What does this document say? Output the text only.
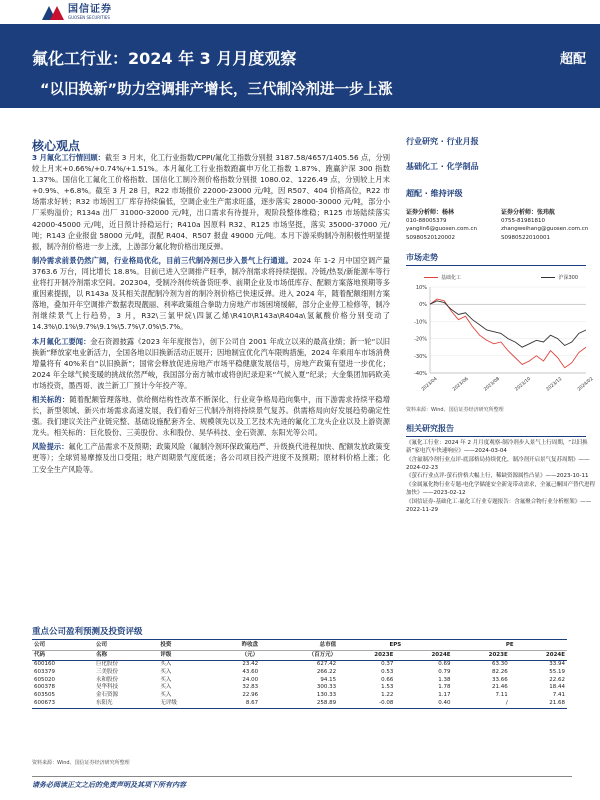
国信证券
GUOSEN SECURITIES
氟化工行业：2024 年 3 月月度观察
“以旧换新”助力空调排产增长，三代制冷剂进一步上涨
超配
核心观点

3 月氟化工行情回顾：截至 3 月末，化工行业指数/CPPI/氟化工指数分别报 3187.58/4657/1405.56 点，分别较上月末+0.66%/+0.74%/+1.51%。本月氟化工行业指数跑赢申万化工指数 1.87%、跑赢沪深 300 指数 1.37%。国信化工氟化工价格指数、国信化工制冷剂价格指数分别报 1080.02、1226.49 点，分别较上月末+0.9%、+6.8%。截至 3 月 28 日，R22 市场报价 22000-23000 元/吨，因 R507、404 价格高位，R22 市场需求好转；R32 市场因工厂库存持续偏低，空调企业生产需求旺盛，逐步落实 28000-30000 元/吨，部分小厂采购溢价；R134a 出厂 31000-32000 元/吨，出口需求有待提升，观阶段整体维稳；R125 市场陆续落实 42000-45000 元/吨，近日预计持稳运行；R410a 因原料 R32、R125 市场坚挺，落实 35000-37000 元/吨；R143 企业报盘 58000 元/吨，混配 R404、R507 报盘 49000 元/吨。本月下游采购制冷剂积极性明显提振，制冷剂价格进一步上涨，上游部分氟化物价格出现反弹。

制冷需求前景仍然广阔，行业格局优化，目前三代制冷剂已步入景气上行通道。2024 年 1-2 月中国空调产量 3763.6 万台，同比增长 18.8%。目前已进入空调排产旺季，制冷剂需求将持续提振。冷链/热泵/新能源车等行业将打开制冷剂需求空间。202304，受制冷剂传统备货旺季、前期企业及市场低库存、配额方案落地预期等多重因素提振，以 R143a 及其相关混配制冷剂为首的制冷剂价格已快速反弹。进入 2024 年，随着配额细则方案落地，叠加开年空调排产数据表现靓丽、利率政策组合拳助力房地产市场困境缓解，部分企业停工检修等，制冷剂继续景气上行趋势，3 月，R32\三氯甲烷\四氯乙烯\R410\R143a\R404a\氢氟酸价格分别变动了 14.3%\0.1%\9.7%\9.1%\5.7%\7.0%\5.7%。

本月氟化工要闻：金石资源披露《2023 年年度报告》，创下公司自 2001 年成立以来的最高业绩；新一轮“以旧换新”释放家电业新活力，全国各地以旧换新活动正展开；因地制宜优化汽车限购措施，2024 年乘用车市场消费增量将有 40%来自“以旧换新”；国常会释放促进房地产市场平稳健康发展信号，房地产政策有望进一步优化；2024 年全球气候变暖的挑战依然严峻，我国部分南方城市或将创纪录迎来“气候入夏”纪录；大金集团加码欧美市场投资，墨西哥、波兰新工厂预计今年投产等。

相关标的：随着配额管理落地、供给侧结构性改革不断深化、行业竞争格局趋向集中，而下游需求持续平稳增长，新型领域、新兴市场需求高速发展，我们看好三代制冷剂将持续景气复苏。供需格局向好发展趋势确定性强。我们建议关注产业链完整、基础设施配套齐全、规模领先以及工艺技术先进的氟化工龙头企业以及上游资源龙头。相关标的：巨化股份、三美股份、永和股份、昊华科技、金石资源、东阳光等公司。

风险提示：氟化工产品需求不及预期；政策风险（氟制冷剂环保政策趋严、升级换代进程加快、配额发放政策变更等）；全球贸易摩擦及出口受阻；地产周期景气度低迷；各公司项目投产进度不及预期；原材料价格上涨；化工安全生产风险等。

行业研究 · 行业月报
基础化工 · 化学制品
超配 · 维持评级
证券分析师：杨林
010-88005379
yanglin6@guosen.com.cn
S0980520120002
证券分析师：张玮航
0755-81981810
zhangweihang@guosen.com.cn
S0980522010001
市场走势
基础化工	沪深300
10%
0%
-10%
-20%
-30%
-40%
2023/04	2023/06	2023/08	2023/10	2023/12	2024/02
资料来源：Wind、国信证券经济研究所整理
相关研究报告

《氟化工行业：2024 年 2 月月度观察-制冷剂步入景气上行周期，“以旧换新”家电汽车快速响应》——2024-03-04

《含氟制冷剂行业点评-底部格局持续优化，制冷剂开启景气复苏周期》——2024-02-23

《萤石行业点评-萤石价格大幅上行，稀缺资源属性凸显》——2023-10-11

《金属氟化物行业专题-电化学储能安全新宠带动需求，全氟己酮国产替代进程加快》——2023-02-12

《国信证券-基础化工·氟化工行业专题报告：含氟聚合物行业分析框架》——2022-11-29

重点公司盈利预测及投资评级
公司	公司	投资	昨收盘	总市值	EPS		PE	
代码	名称	评级	（元）	（百万元）	2023E	2024E	2023E	2024E
600160	巨化股份	买入	23.42	627.42	0.37	0.69	63.30	33.94
603379	三美股份	买入	43.60	266.22	0.53	0.79	82.26	55.19
605020	永和股份	买入	24.00	94.15	0.66	1.38	33.66	22.62
600378	昊华科技	买入	32.83	300.33	1.53	1.78	21.46	18.44
603505	金石资源	买入	22.96	130.33	1.22	1.17	7.11	7.41
600673	东阳光	无评级	8.67	258.89	-0.08	0.40	/	21.68
资料来源：Wind、国信证券经济研究所整理
请务必阅读正文之后的免责声明及其项下所有内容
